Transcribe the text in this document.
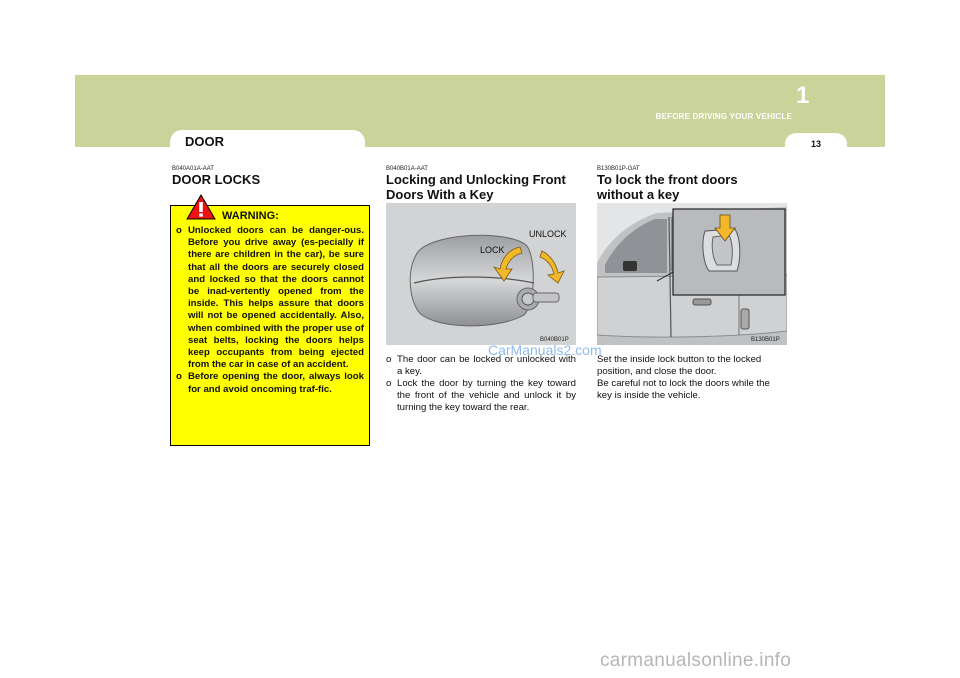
1
BEFORE DRIVING YOUR VEHICLE
DOOR	13
B040A01A-AAT
DOOR LOCKS
WARNING:
o Unlocked doors can be danger-ous. Before you drive away (es-pecially if there are children in the car), be sure that all the doors are securely closed and locked so that the doors cannot be inad-vertently opened from the inside. This helps assure that doors will not be opened accidentally. Also, when combined with the proper use of seat belts, locking the doors helps keep occupants from being ejected from the car in case of an accident.
o Before opening the door, always look for and avoid oncoming traf-fic.
B040B01A-AAT
Locking and Unlocking Front Doors With a Key
LOCK
UNLOCK
B040B01P
o The door can be locked or unlocked with a key.
o Lock the door by turning the key toward the front of the vehicle and unlock it by turning the key toward the rear.
B130B01P-GAT
To lock the front doors without a key
B130B01P
Set the inside lock button to the locked position, and close the door.
Be careful not to lock the doors while the key is inside the vehicle.
CarManuals2.com
carmanualsonline.info
